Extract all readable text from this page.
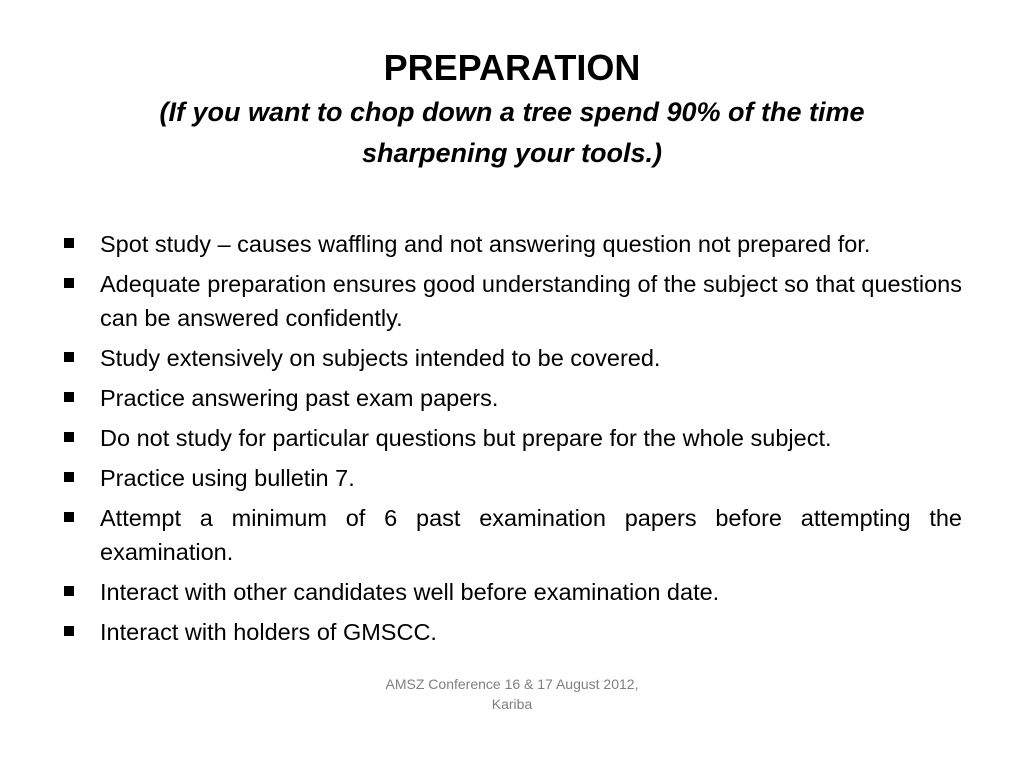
PREPARATION

(If you want to chop down a tree spend 90% of the time
sharpening your tools.)

Spot study – causes waffling and not answering question not prepared for.
Adequate preparation ensures good understanding of the subject so that questions can be answered confidently.
Study extensively on subjects intended to be covered.
Practice answering past exam papers.
Do not study for particular questions but prepare for the whole subject.
Practice using bulletin 7.
Attempt a minimum of 6 past examination papers before attempting the examination.
Interact with other candidates well before examination date.
Interact with holders of GMSCC.
AMSZ Conference 16 & 17 August 2012,
Kariba
